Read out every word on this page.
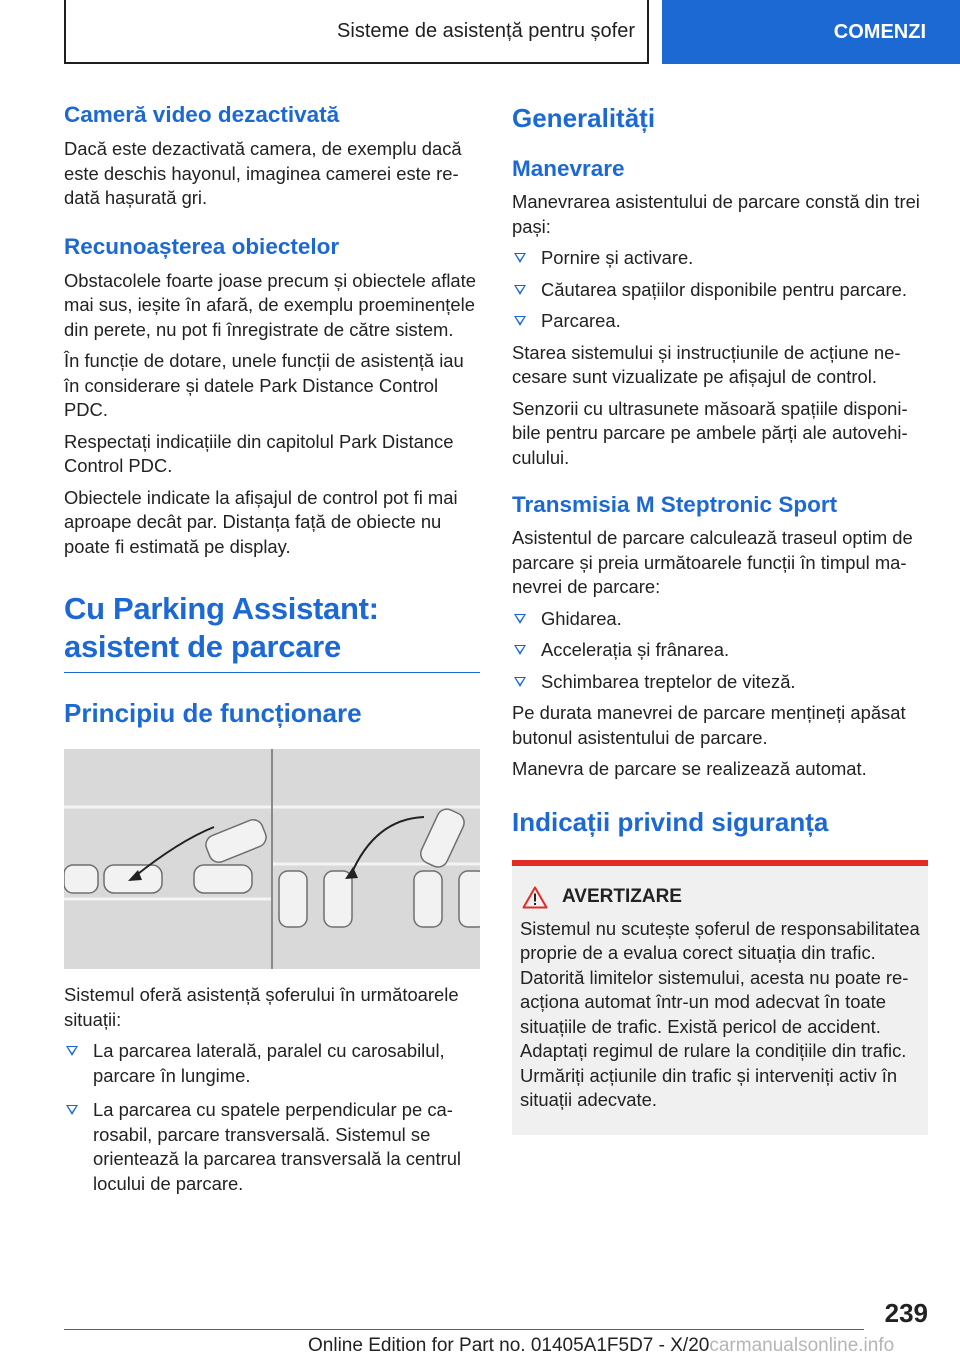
Sisteme de asistență pentru șofer	COMENZI
Cameră video dezactivată
Dacă este dezactivată camera, de exemplu dacă este deschis hayonul, imaginea camerei este redată hașurată gri.
Recunoașterea obiectelor
Obstacolele foarte joase precum și obiectele aflate mai sus, ieșite în afară, de exemplu proeminențele din perete, nu pot fi înregistrate de către sistem.
În funcție de dotare, unele funcții de asistență iau în considerare și datele Park Distance Control PDC.
Respectați indicațiile din capitolul Park Distance Control PDC.
Obiectele indicate la afișajul de control pot fi mai aproape decât par. Distanța față de obiecte nu poate fi estimată pe display.
Cu Parking Assistant: asistent de parcare
Principiu de funcționare
Sistemul oferă asistență șoferului în următoarele situații:
La parcarea laterală, paralel cu carosabilul, parcare în lungime.
La parcarea cu spatele perpendicular pe carosabil, parcare transversală. Sistemul se orientează la parcarea transversală la centrul locului de parcare.
Generalități
Manevrare
Manevrarea asistentului de parcare constă din trei pași:
Pornire și activare.
Căutarea spațiilor disponibile pentru parcare.
Parcarea.
Starea sistemului și instrucțiunile de acțiune necesare sunt vizualizate pe afișajul de control.
Senzorii cu ultrasunete măsoară spațiile disponibile pentru parcare pe ambele părți ale autovehiculului.
Transmisia M Steptronic Sport
Asistentul de parcare calculează traseul optim de parcare și preia următoarele funcții în timpul manevrei de parcare:
Ghidarea.
Accelerația și frânarea.
Schimbarea treptelor de viteză.
Pe durata manevrei de parcare mențineți apăsat butonul asistentului de parcare.
Manevra de parcare se realizează automat.
Indicații privind siguranța
AVERTIZARE
Sistemul nu scutește șoferul de responsabilitatea proprie de a evalua corect situația din trafic. Datorită limitelor sistemului, acesta nu poate reacționa automat într-un mod adecvat în toate situațiile de trafic. Există pericol de accident. Adaptați regimul de rulare la condițiile din trafic. Urmăriți acțiunile din trafic și interveniți activ în situații adecvate.
239
Online Edition for Part no. 01405A1F5D7 - X/20carmanualsonline.info
